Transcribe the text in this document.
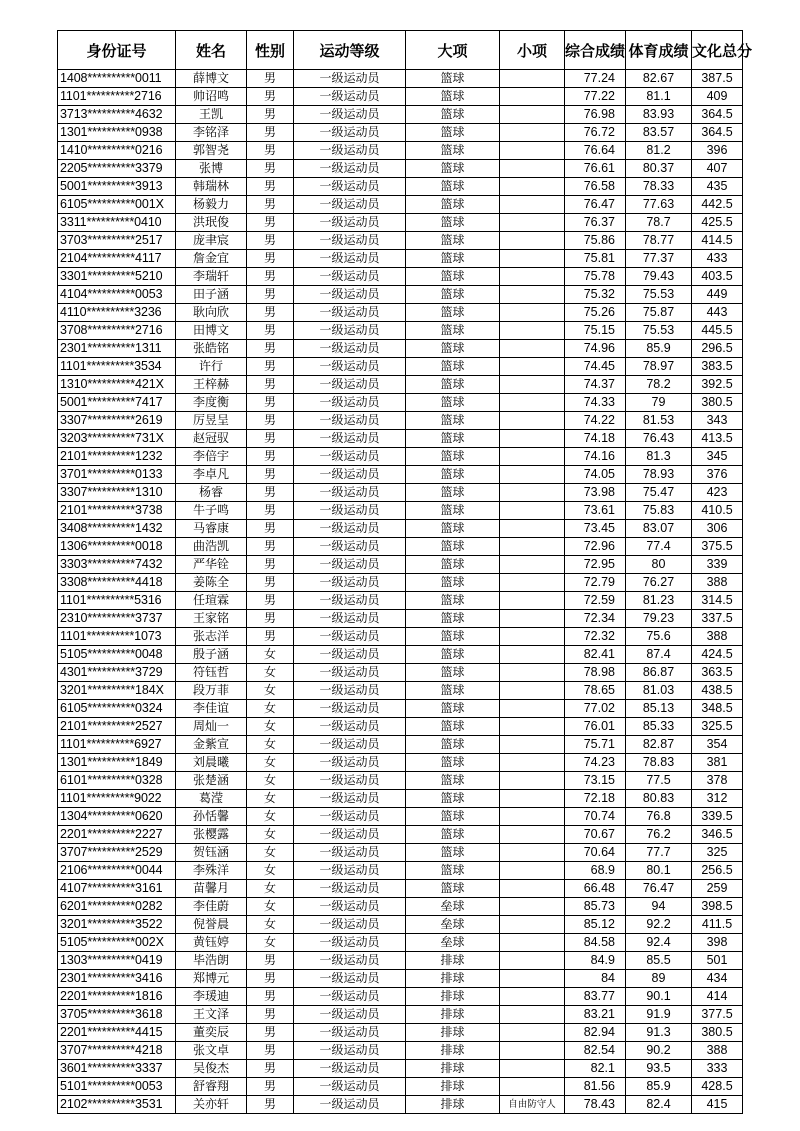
身份证号	姓名	性别	运动等级	大项	小项	综合成绩	体育成绩	文化总分
1408**********0011	薛博文	男	一级运动员	篮球		77.24	82.67	387.5
1101**********2716	帅诏鸣	男	一级运动员	篮球		77.22	81.1	409
3713**********4632	王凯	男	一级运动员	篮球		76.98	83.93	364.5
1301**********0938	李铭泽	男	一级运动员	篮球		76.72	83.57	364.5
1410**********0216	郭智尧	男	一级运动员	篮球		76.64	81.2	396
2205**********3379	张博	男	一级运动员	篮球		76.61	80.37	407
5001**********3913	韩瑞林	男	一级运动员	篮球		76.58	78.33	435
6105**********001X	杨毅力	男	一级运动员	篮球		76.47	77.63	442.5
3311**********0410	洪珉俊	男	一级运动员	篮球		76.37	78.7	425.5
3703**********2517	庞聿宸	男	一级运动员	篮球		75.86	78.77	414.5
2104**********4117	詹金宜	男	一级运动员	篮球		75.81	77.37	433
3301**********5210	李瑞轩	男	一级运动员	篮球		75.78	79.43	403.5
4104**********0053	田子涵	男	一级运动员	篮球		75.32	75.53	449
4110**********3236	耿向欣	男	一级运动员	篮球		75.26	75.87	443
3708**********2716	田博文	男	一级运动员	篮球		75.15	75.53	445.5
2301**********1311	张皓铭	男	一级运动员	篮球		74.96	85.9	296.5
1101**********3534	许行	男	一级运动员	篮球		74.45	78.97	383.5
1310**********421X	王梓赫	男	一级运动员	篮球		74.37	78.2	392.5
5001**********7417	李度衡	男	一级运动员	篮球		74.33	79	380.5
3307**********2619	厉昱呈	男	一级运动员	篮球		74.22	81.53	343
3203**********731X	赵冠驭	男	一级运动员	篮球		74.18	76.43	413.5
2101**********1232	李倍宇	男	一级运动员	篮球		74.16	81.3	345
3701**********0133	李卓凡	男	一级运动员	篮球		74.05	78.93	376
3307**********1310	杨睿	男	一级运动员	篮球		73.98	75.47	423
2101**********3738	牛子鸣	男	一级运动员	篮球		73.61	75.83	410.5
3408**********1432	马睿康	男	一级运动员	篮球		73.45	83.07	306
1306**********0018	曲浩凯	男	一级运动员	篮球		72.96	77.4	375.5
3303**********7432	严华铨	男	一级运动员	篮球		72.95	80	339
3308**********4418	姜陈全	男	一级运动员	篮球		72.79	76.27	388
1101**********5316	任瑄霖	男	一级运动员	篮球		72.59	81.23	314.5
2310**********3737	王家铭	男	一级运动员	篮球		72.34	79.23	337.5
1101**********1073	张志洋	男	一级运动员	篮球		72.32	75.6	388
5105**********0048	殷子涵	女	一级运动员	篮球		82.41	87.4	424.5
4301**********3729	符钰哲	女	一级运动员	篮球		78.98	86.87	363.5
3201**********184X	段万菲	女	一级运动员	篮球		78.65	81.03	438.5
6105**********0324	李佳谊	女	一级运动员	篮球		77.02	85.13	348.5
2101**********2527	周灿一	女	一级运动员	篮球		76.01	85.33	325.5
1101**********6927	金紫宣	女	一级运动员	篮球		75.71	82.87	354
1301**********1849	刘晨曦	女	一级运动员	篮球		74.23	78.83	381
6101**********0328	张楚涵	女	一级运动员	篮球		73.15	77.5	378
1101**********9022	葛滢	女	一级运动员	篮球		72.18	80.83	312
1304**********0620	孙恬馨	女	一级运动员	篮球		70.74	76.8	339.5
2201**********2227	张樱露	女	一级运动员	篮球		70.67	76.2	346.5
3707**********2529	贺钰涵	女	一级运动员	篮球		70.64	77.7	325
2106**********0044	李殊洋	女	一级运动员	篮球		68.9	80.1	256.5
4107**********3161	苗馨月	女	一级运动员	篮球		66.48	76.47	259
6201**********0282	李佳蔚	女	一级运动员	垒球		85.73	94	398.5
3201**********3522	倪誉晨	女	一级运动员	垒球		85.12	92.2	411.5
5105**********002X	黄钰婷	女	一级运动员	垒球		84.58	92.4	398
1303**********0419	毕浩朗	男	一级运动员	排球		84.9	85.5	501
2301**********3416	郑博元	男	一级运动员	排球		84	89	434
2201**********1816	李瑗迪	男	一级运动员	排球		83.77	90.1	414
3705**********3618	王文泽	男	一级运动员	排球		83.21	91.9	377.5
2201**********4415	董奕辰	男	一级运动员	排球		82.94	91.3	380.5
3707**********4218	张文卓	男	一级运动员	排球		82.54	90.2	388
3601**********3337	吴俊杰	男	一级运动员	排球		82.1	93.5	333
5101**********0053	舒睿翔	男	一级运动员	排球		81.56	85.9	428.5
2102**********3531	关亦轩	男	一级运动员	排球	自由防守人	78.43	82.4	415
